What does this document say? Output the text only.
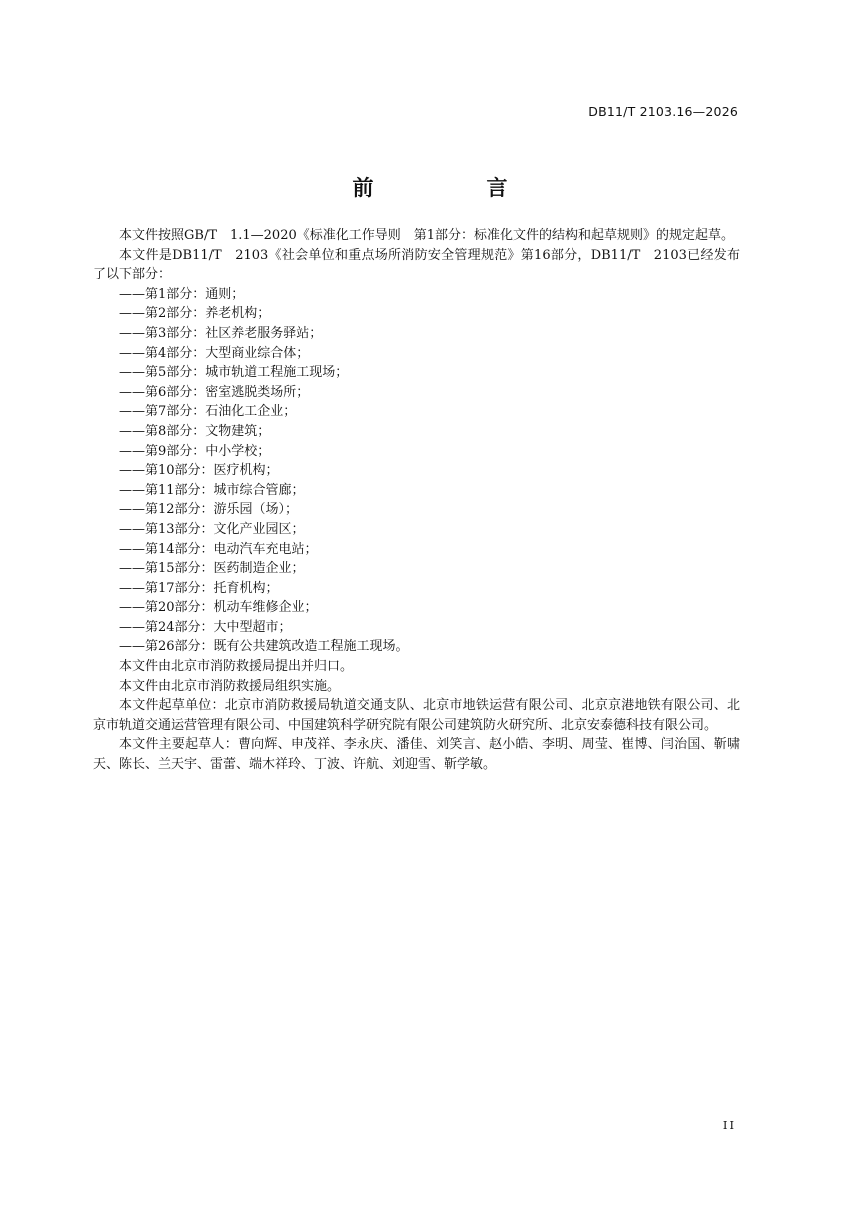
DB11/T 2103.16—2026
前　言

本文件按照GB/T　1.1—2020《标准化工作导则　第1部分：标准化文件的结构和起草规则》的规定起草。

本文件是DB11/T　2103《社会单位和重点场所消防安全管理规范》第16部分，DB11/T　2103已经发布了以下部分：

——第1部分：通则；
——第2部分：养老机构；
——第3部分：社区养老服务驿站；
——第4部分：大型商业综合体；
——第5部分：城市轨道工程施工现场；
——第6部分：密室逃脱类场所；
——第7部分：石油化工企业；
——第8部分：文物建筑；
——第9部分：中小学校；
——第10部分：医疗机构；
——第11部分：城市综合管廊；
——第12部分：游乐园（场）；
——第13部分：文化产业园区；
——第14部分：电动汽车充电站；
——第15部分：医药制造企业；
——第17部分：托育机构；
——第20部分：机动车维修企业；
——第24部分：大中型超市；
——第26部分：既有公共建筑改造工程施工现场。

本文件由北京市消防救援局提出并归口。

本文件由北京市消防救援局组织实施。

本文件起草单位：北京市消防救援局轨道交通支队、北京市地铁运营有限公司、北京京港地铁有限公司、北京市轨道交通运营管理有限公司、中国建筑科学研究院有限公司建筑防火研究所、北京安泰德科技有限公司。

本文件主要起草人：曹向辉、申茂祥、李永庆、潘佳、刘笑言、赵小皓、李明、周莹、崔博、闫治国、靳啸天、陈长、兰天宇、雷蕾、端木祥玲、丁波、许航、刘迎雪、靳学敏。

II
